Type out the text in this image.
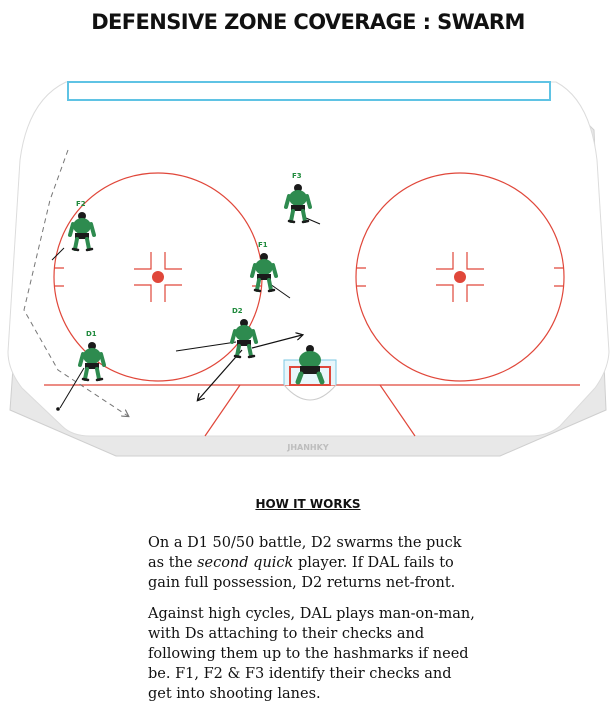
DEFENSIVE ZONE COVERAGE : SWARM
JHANHKY
F3
F2
F1
D2
D1
HOW IT WORKS

On a D1 50/50 battle, D2 swarms the puck as the second quick player. If DAL fails to gain full possession, D2 returns net-front.

Against high cycles, DAL plays man-on-man, with Ds attaching to their checks and following them up to the hashmarks if need be. F1, F2 & F3 identify their checks and get into shooting lanes.
